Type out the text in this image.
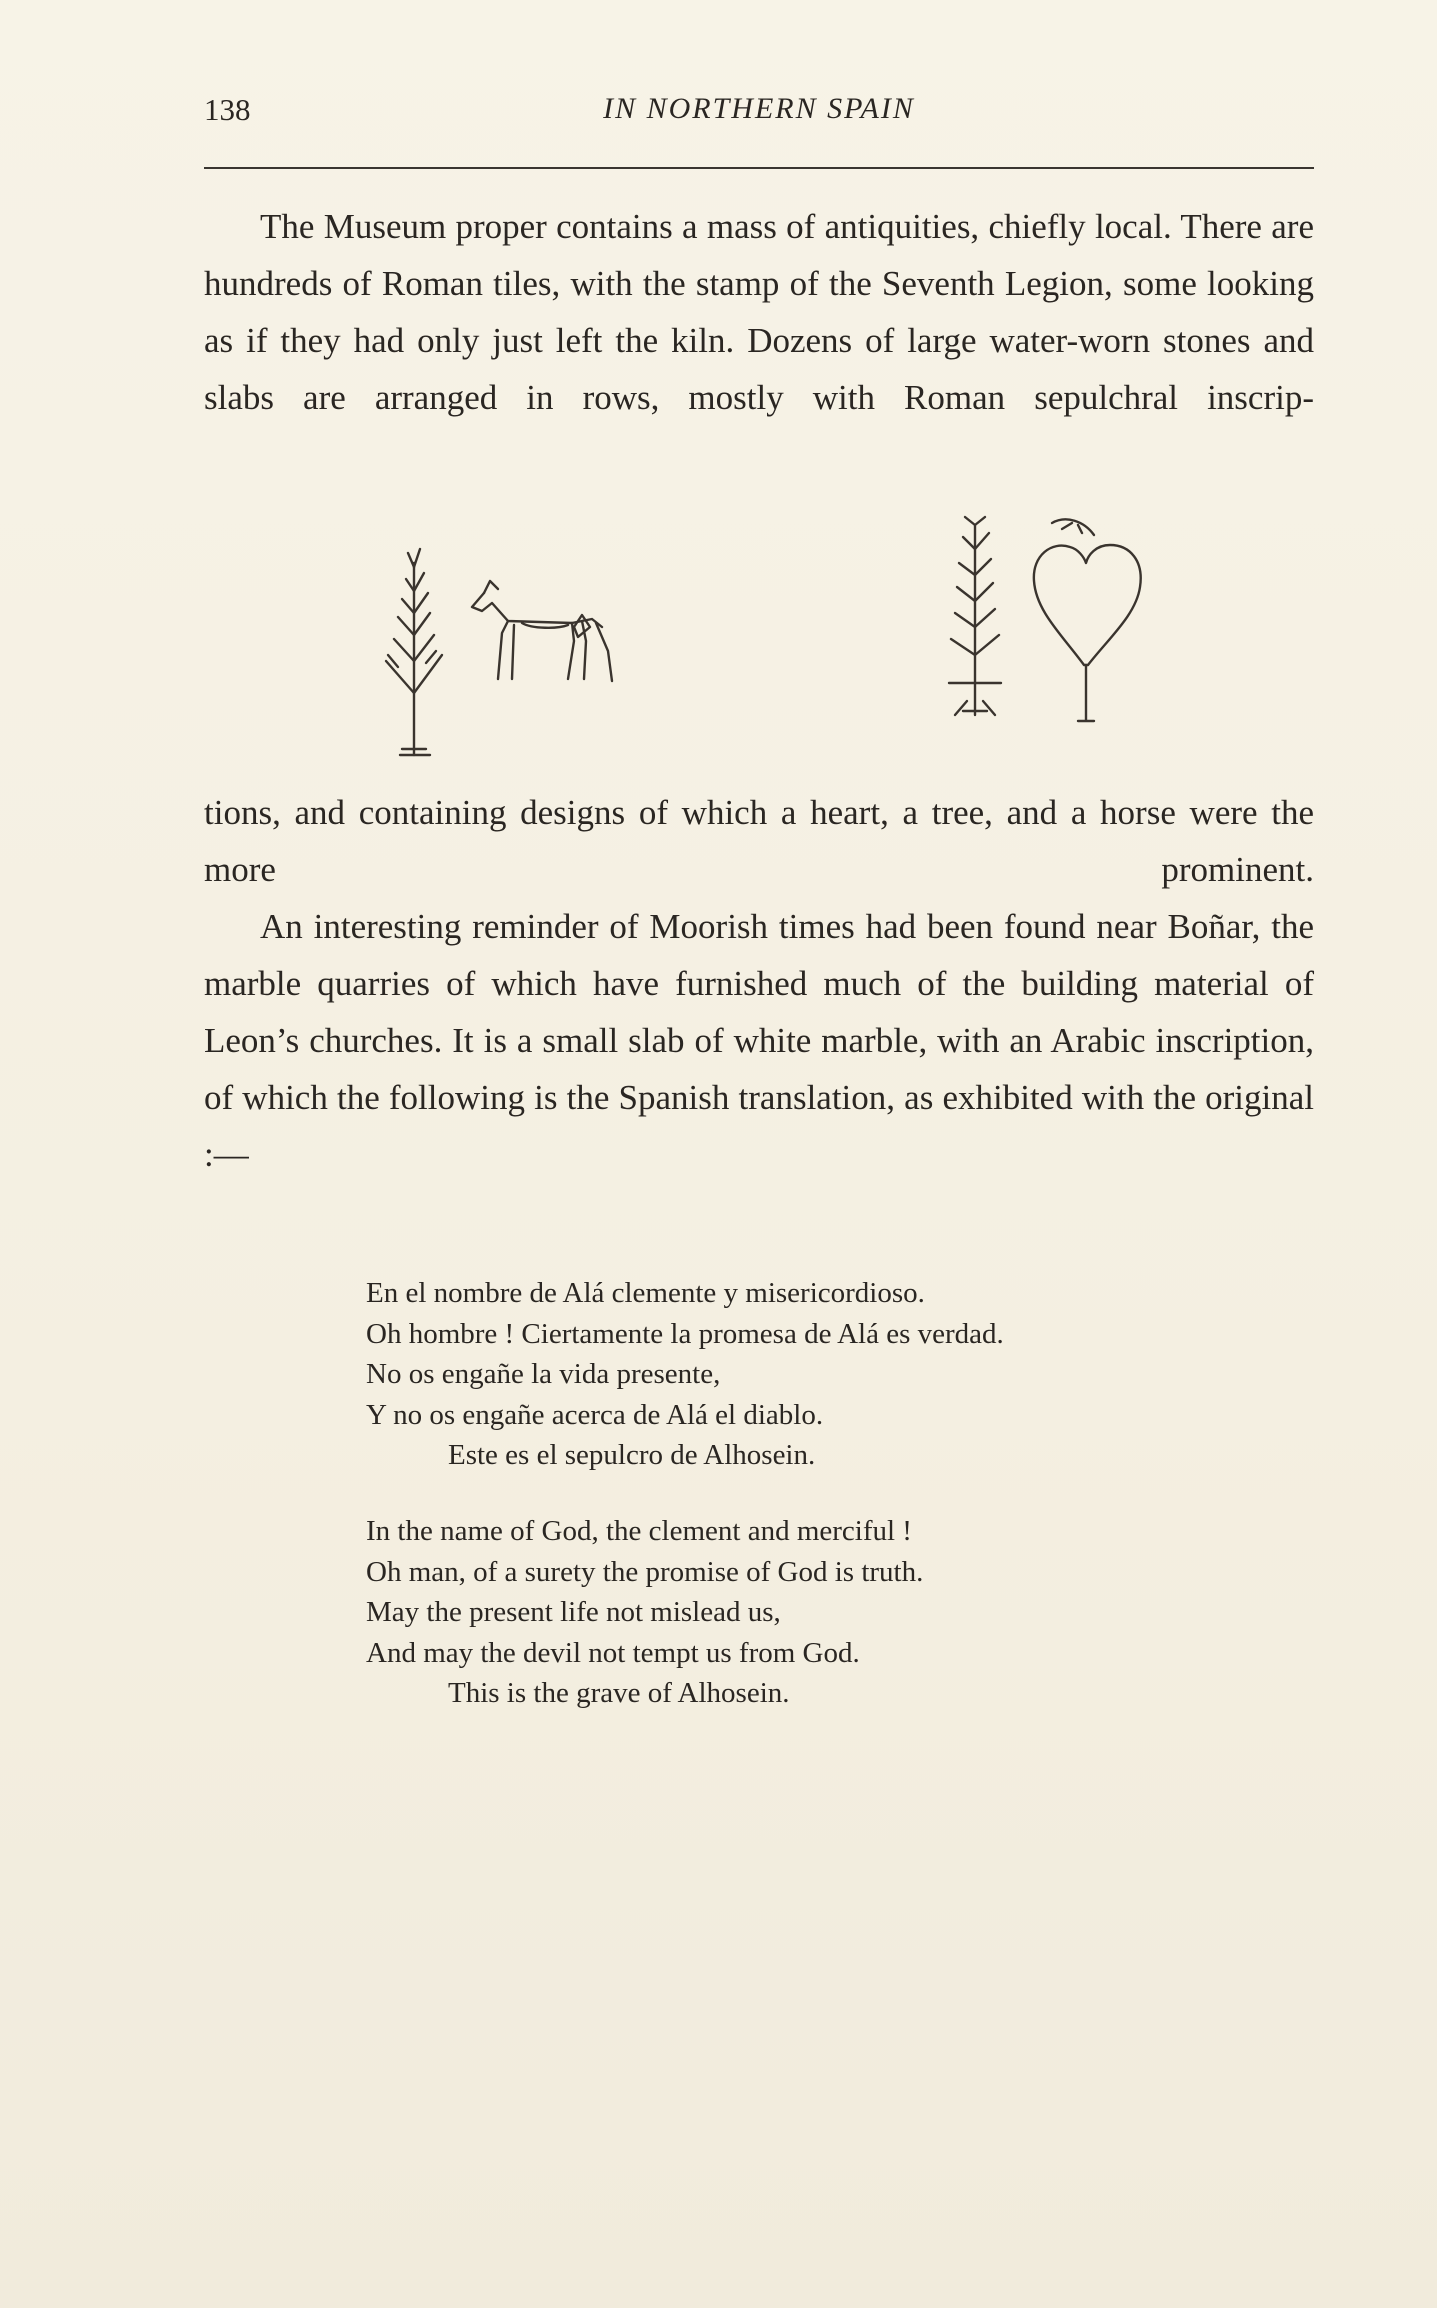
138	IN NORTHERN SPAIN

The Museum proper contains a mass of antiquities, chiefly local. There are hundreds of Roman tiles, with the stamp of the Seventh Legion, some looking as if they had only just left the kiln. Dozens of large water-worn stones and slabs are arranged in rows, mostly with Roman sepulchral inscrip-

tions, and containing designs of which a heart, a tree, and a horse were the more prominent.

An interesting reminder of Moorish times had been found near Boñar, the marble quarries of which have furnished much of the building material of Leon’s churches. It is a small slab of white marble, with an Arabic inscription, of which the following is the Spanish translation, as exhibited with the original :—

En el nombre de Alá clemente y misericordioso.
Oh hombre ! Ciertamente la promesa de Alá es verdad.
No os engañe la vida presente,
Y no os engañe acerca de Alá el diablo.
Este es el sepulcro de Alhosein.
In the name of God, the clement and merciful !
Oh man, of a surety the promise of God is truth.
May the present life not mislead us,
And may the devil not tempt us from God.
This is the grave of Alhosein.
